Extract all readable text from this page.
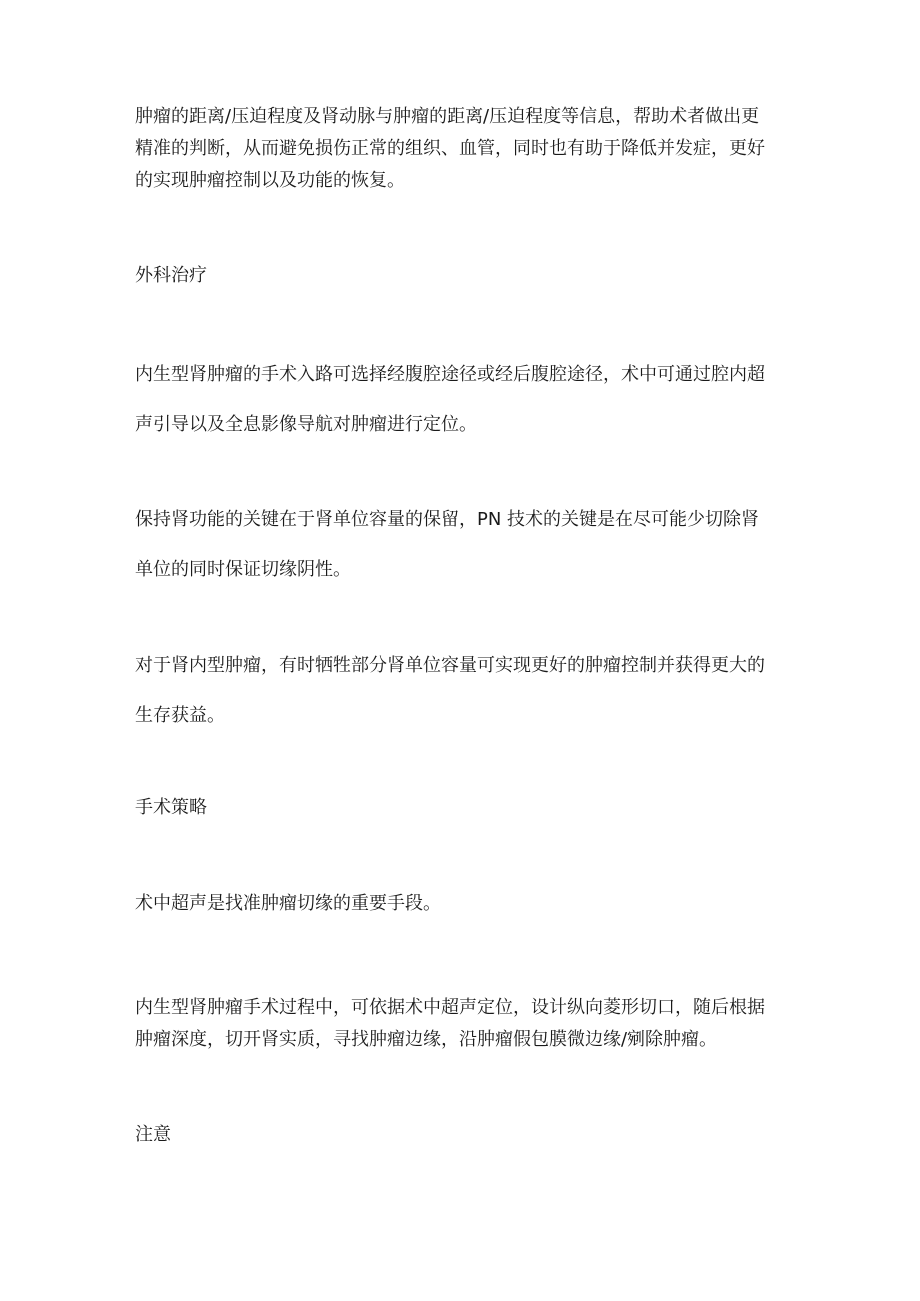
肿瘤的距离/压迫程度及肾动脉与肿瘤的距离/压迫程度等信息，帮助术者做出更
精准的判断，从而避免损伤正常的组织、血管，同时也有助于降低并发症，更好
的实现肿瘤控制以及功能的恢复。

外科治疗

内生型肾肿瘤的手术入路可选择经腹腔途径或经后腹腔途径，术中可通过腔内超
声引导以及全息影像导航对肿瘤进行定位。

保持肾功能的关键在于肾单位容量的保留，PN 技术的关键是在尽可能少切除肾
单位的同时保证切缘阴性。

对于肾内型肿瘤，有时牺牲部分肾单位容量可实现更好的肿瘤控制并获得更大的
生存获益。

手术策略

术中超声是找准肿瘤切缘的重要手段。

内生型肾肿瘤手术过程中，可依据术中超声定位，设计纵向菱形切口，随后根据
肿瘤深度，切开肾实质，寻找肿瘤边缘，沿肿瘤假包膜微边缘/剜除肿瘤。

注意
